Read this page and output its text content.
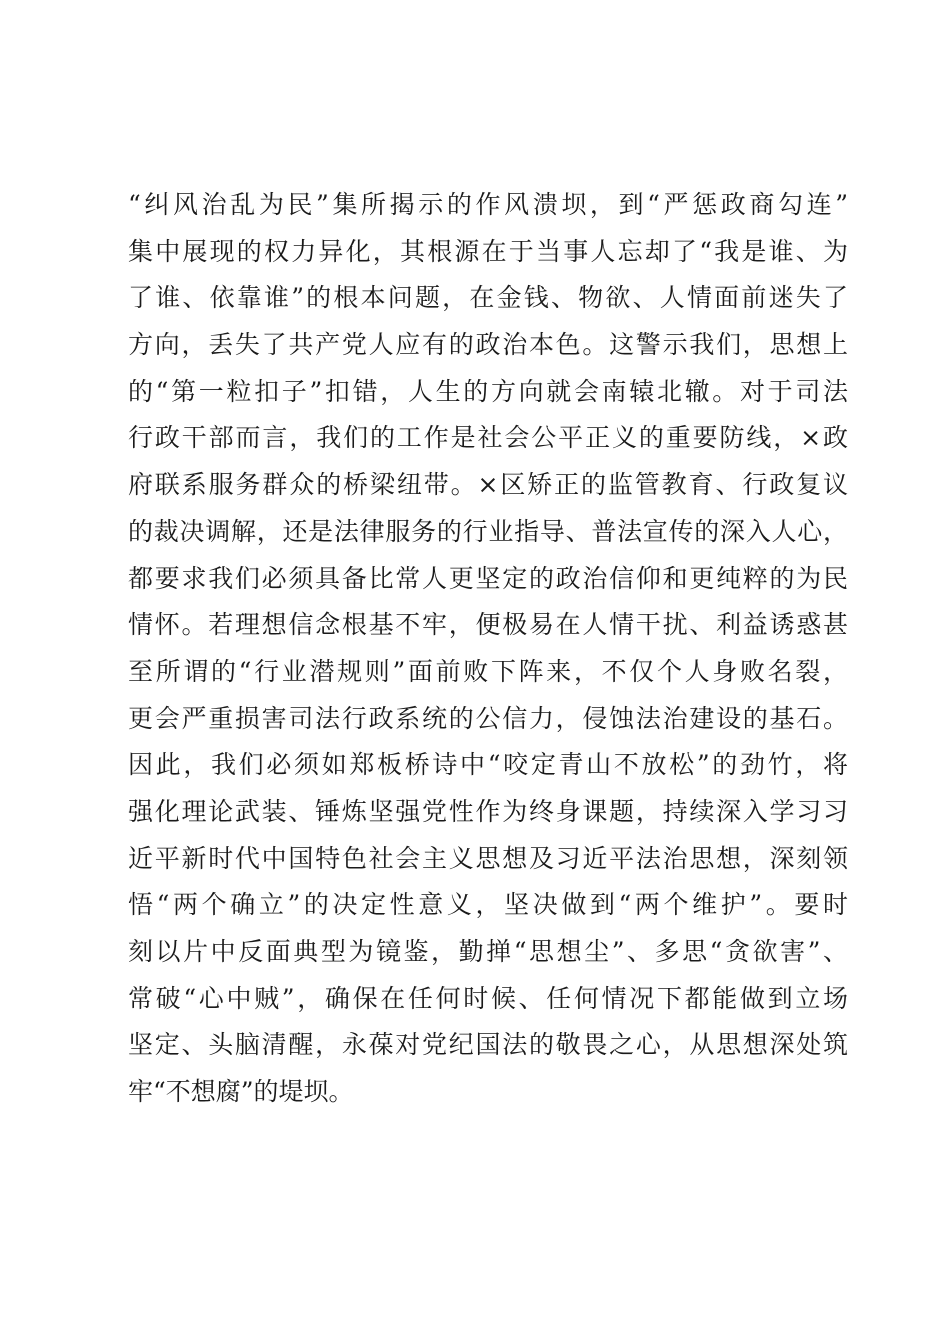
“纠风治乱为民”集所揭示的作风溃坝，到“严惩政商勾连”
集中展现的权力异化，其根源在于当事人忘却了“我是谁、为
了谁、依靠谁”的根本问题，在金钱、物欲、人情面前迷失了
方向，丢失了共产党人应有的政治本色。这警示我们，思想上
的“第一粒扣子”扣错，人生的方向就会南辕北辙。对于司法
行政干部而言，我们的工作是社会公平正义的重要防线，×政
府联系服务群众的桥梁纽带。×区矫正的监管教育、行政复议
的裁决调解，还是法律服务的行业指导、普法宣传的深入人心，
都要求我们必须具备比常人更坚定的政治信仰和更纯粹的为民
情怀。若理想信念根基不牢，便极易在人情干扰、利益诱惑甚
至所谓的“行业潜规则”面前败下阵来，不仅个人身败名裂，
更会严重损害司法行政系统的公信力，侵蚀法治建设的基石。
因此，我们必须如郑板桥诗中“咬定青山不放松”的劲竹，将
强化理论武装、锤炼坚强党性作为终身课题，持续深入学习习
近平新时代中国特色社会主义思想及习近平法治思想，深刻领
悟“两个确立”的决定性意义，坚决做到“两个维护”。要时
刻以片中反面典型为镜鉴，勤掸“思想尘”、多思“贪欲害”、
常破“心中贼”，确保在任何时候、任何情况下都能做到立场
坚定、头脑清醒，永葆对党纪国法的敬畏之心，从思想深处筑
牢“不想腐”的堤坝。
